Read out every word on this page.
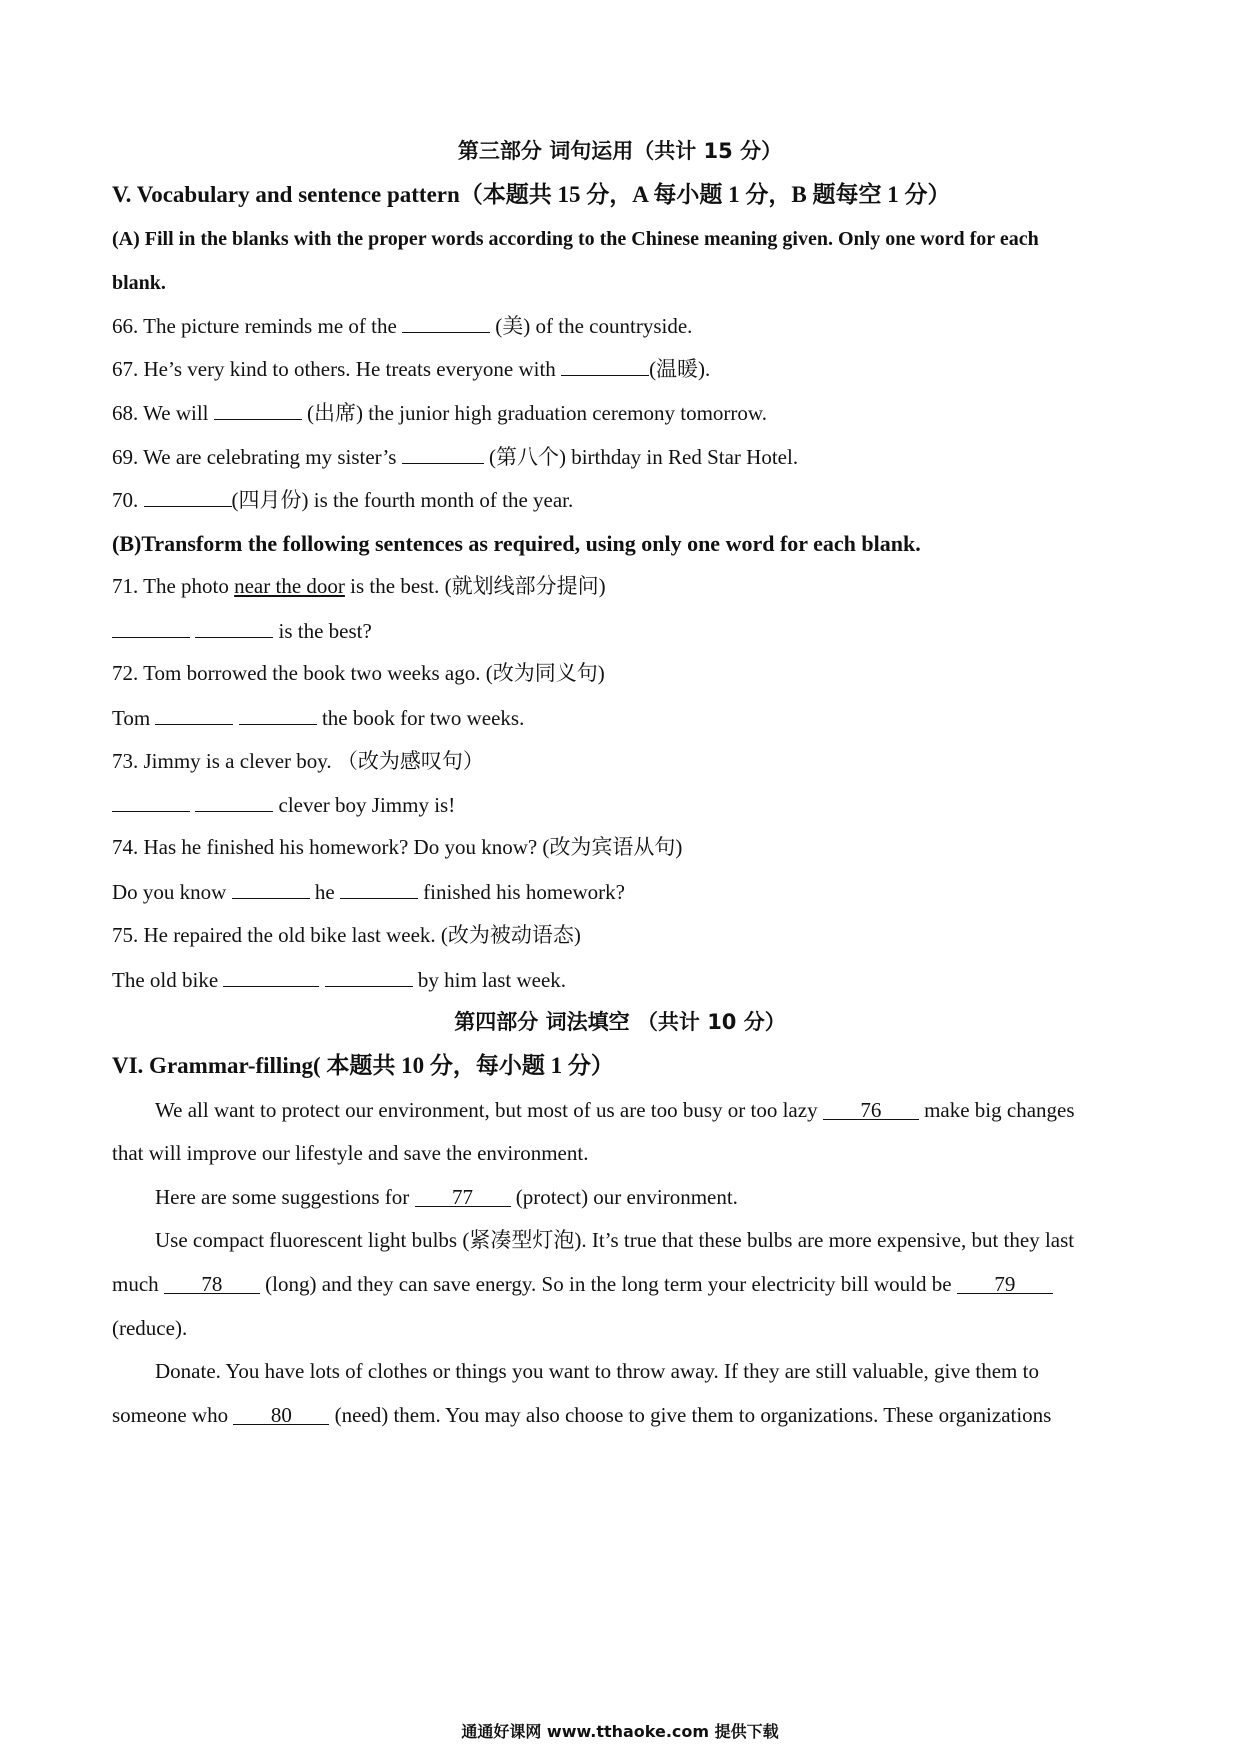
第三部分 词句运用（共计 15 分）
V. Vocabulary and sentence pattern（本题共 15 分，A 每小题 1 分，B 题每空 1 分）
(A) Fill in the blanks with the proper words according to the Chinese meaning given. Only one word for each
blank.
66. The picture reminds me of the	(美) of the countryside.
67. He’s very kind to others. He treats everyone with	(温暖).
68. We will	(出席) the junior high graduation ceremony tomorrow.
69. We are celebrating my sister’s	(第八个) birthday in Red Star Hotel.
70.	(四月份) is the fourth month of the year.
(B)Transform the following sentences as required, using only one word for each blank.
71. The photo near the door is the best. (就划线部分提问)
is the best?
72. Tom borrowed the book two weeks ago. (改为同义句)
Tom	the book for two weeks.
73. Jimmy is a clever boy. （改为感叹句）
clever boy Jimmy is!
74. Has he finished his homework? Do you know? (改为宾语从句)
Do you know	he	finished his homework?
75. He repaired the old bike last week. (改为被动语态)
The old bike	by him last week.
第四部分 词法填空 （共计 10 分）
VI. Grammar-filling( 本题共 10 分，每小题 1 分）
We all want to protect our environment, but most of us are too busy or too lazy 76 make big changes
that will improve our lifestyle and save the environment.
Here are some suggestions for 77 (protect) our environment.
Use compact fluorescent light bulbs (紧凑型灯泡). It’s true that these bulbs are more expensive, but they last
much 78 (long) and they can save energy. So in the long term your electricity bill would be 79
(reduce).
Donate. You have lots of clothes or things you want to throw away. If they are still valuable, give them to
someone who 80 (need) them. You may also choose to give them to organizations. These organizations
通通好课网 www.tthaoke.com 提供下载
